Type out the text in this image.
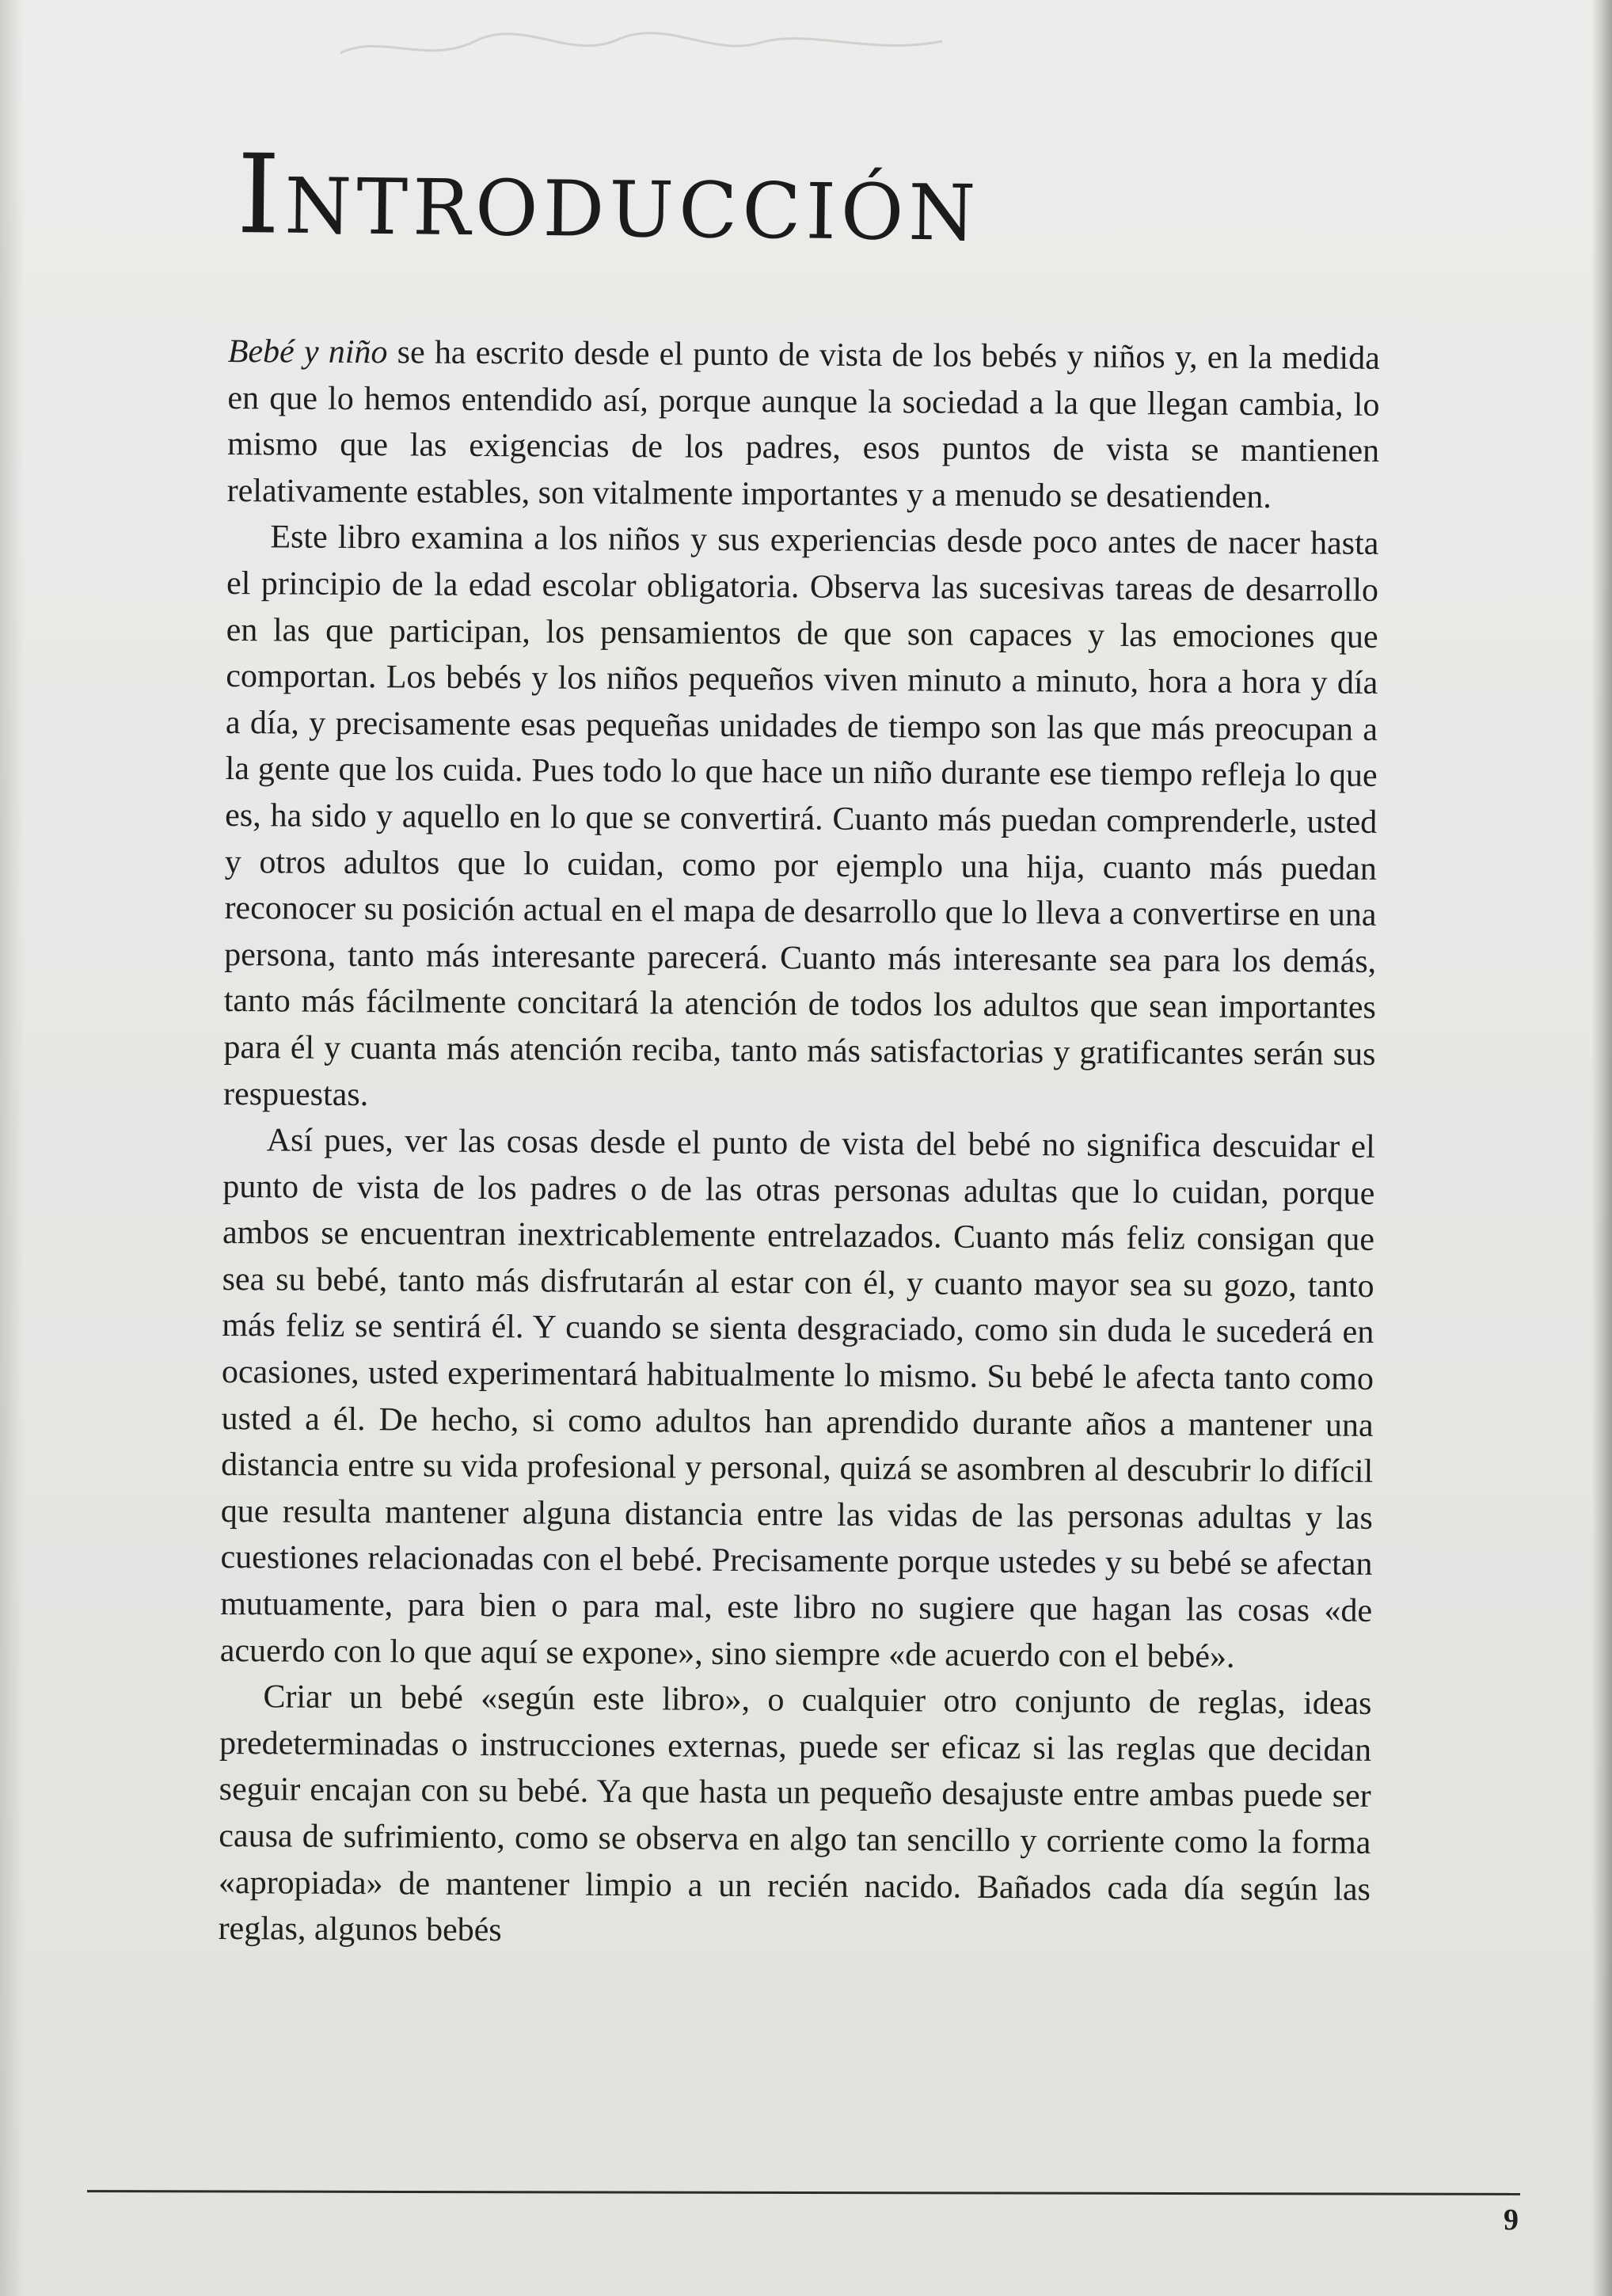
Introducción

Bebé y niño se ha escrito desde el punto de vista de los bebés y niños y, en la medida en que lo hemos entendido así, porque aunque la sociedad a la que llegan cambia, lo mismo que las exigencias de los padres, esos puntos de vista se mantienen relativamente estables, son vitalmente importantes y a menudo se desatienden.

Este libro examina a los niños y sus experiencias desde poco antes de nacer hasta el principio de la edad escolar obligatoria. Observa las sucesivas tareas de desarrollo en las que participan, los pensamientos de que son capaces y las emociones que comportan. Los bebés y los niños pequeños viven minuto a minuto, hora a hora y día a día, y precisamente esas pequeñas unidades de tiempo son las que más preocupan a la gente que los cuida. Pues todo lo que hace un niño durante ese tiempo refleja lo que es, ha sido y aquello en lo que se convertirá. Cuanto más puedan comprenderle, usted y otros adultos que lo cuidan, como por ejemplo una hija, cuanto más puedan reconocer su posición actual en el mapa de desarrollo que lo lleva a convertirse en una persona, tanto más interesante parecerá. Cuanto más interesante sea para los demás, tanto más fácilmente concitará la atención de todos los adultos que sean importantes para él y cuanta más atención reciba, tanto más satisfactorias y gratificantes serán sus respuestas.

Así pues, ver las cosas desde el punto de vista del bebé no significa descuidar el punto de vista de los padres o de las otras personas adultas que lo cuidan, porque ambos se encuentran inextricablemente entrelazados. Cuanto más feliz consigan que sea su bebé, tanto más disfrutarán al estar con él, y cuanto mayor sea su gozo, tanto más feliz se sentirá él. Y cuando se sienta desgraciado, como sin duda le sucederá en ocasiones, usted experimentará habitualmente lo mismo. Su bebé le afecta tanto como usted a él. De hecho, si como adultos han aprendido durante años a mantener una distancia entre su vida profesional y personal, quizá se asombren al descubrir lo difícil que resulta mantener alguna distancia entre las vidas de las personas adultas y las cuestiones relacionadas con el bebé. Precisamente porque ustedes y su bebé se afectan mutuamente, para bien o para mal, este libro no sugiere que hagan las cosas «de acuerdo con lo que aquí se expone», sino siempre «de acuerdo con el bebé».

Criar un bebé «según este libro», o cualquier otro conjunto de reglas, ideas predeterminadas o instrucciones externas, puede ser eficaz si las reglas que decidan seguir encajan con su bebé. Ya que hasta un pequeño desajuste entre ambas puede ser causa de sufrimiento, como se observa en algo tan sencillo y corriente como la forma «apropiada» de mantener limpio a un recién nacido. Bañados cada día según las reglas, algunos bebés

9
